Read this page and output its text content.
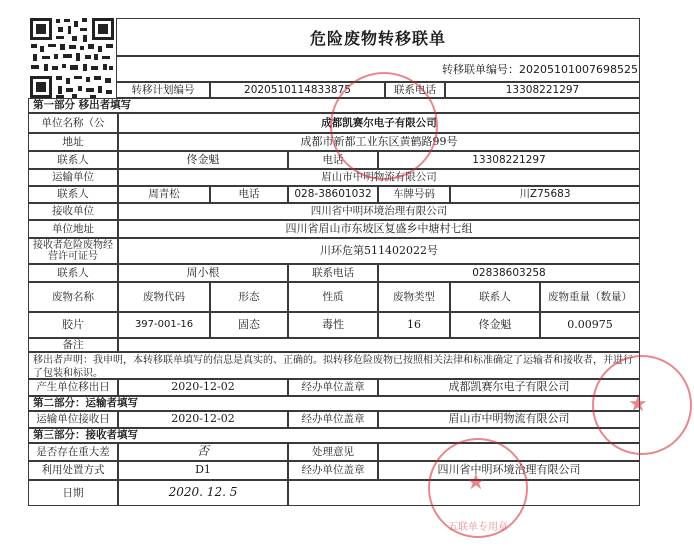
危险废物转移联单
转移联单编号： 20205101007698525
转移计划编号	2020510114833875	联系电话	13308221297
第一部分 移出者填写
单位名称（公	成都凯赛尔电子有限公司
地址	成都市新都工业东区黄鹤路99号
联系人	佟金魁	电话	13308221297
运输单位	眉山市中明物流有限公司
联系人	周青松	电话	028-38601032	车牌号码	川Z75683
接收单位	四川省中明环境治理有限公司
单位地址	四川省眉山市东坡区复盛乡中塘村七组
接收者危险废物经营许可证号	川环危第511402022号
联系人	周小根	联系电话	02838603258
废物名称	废物代码	形态	性质	废物类型	联系人	废物重量（数量）
胶片	397-001-16	固态	毒性	16	佟金魁	0.00975
备注
移出者声明：我申明，本转移联单填写的信息是真实的、正确的。拟转移危险废物已按照相关法律和标准确定了运输者和接收者，并进行了包装和标识。
产生单位移出日	2020-12-02	经办单位盖章	成都凯赛尔电子有限公司
第二部分：运输者填写
运输单位接收日	2020-12-02	经办单位盖章	眉山市中明物流有限公司
第三部分：接收者填写
是否存在重大差	否	处理意见
利用处置方式	D1	经办单位盖章	四川省中明环境治理有限公司
日期	2020. 12. 5
★
★
五联单专用章
